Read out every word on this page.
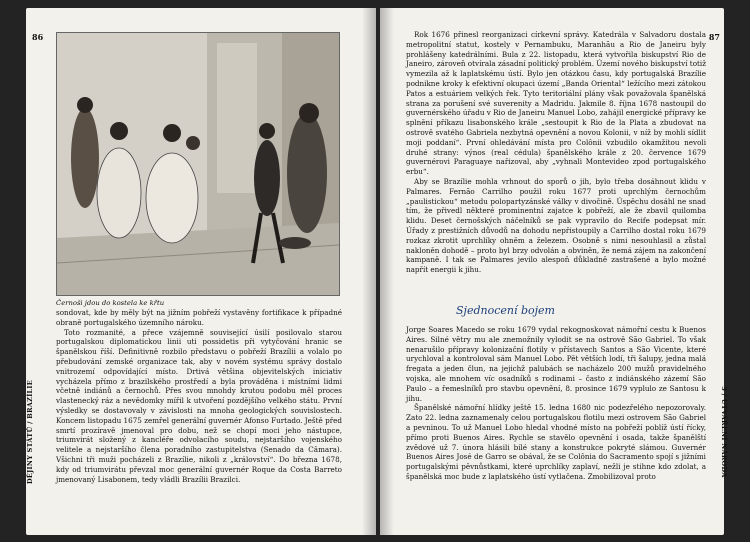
86
Černoši jdou do kostela ke křtu

sondovat, kde by měly být na jižním pobřeží vystavěny fortifikace k případné obraně portugalského územního nároku.

Toto rozmanité, a přece vzájemně související úsilí posilovalo starou portugalskou diplomatickou linii uti possidetis při vytyčování hranic se španělskou říší. Definitivně rozbilo představu o pobřeží Brazílii a volalo po přebudování zemské organizace tak, aby v novém systému správy dostalo vnitrozemí odpovídající místo. Drtivá většina objevitelských iniciativ vycházela přímo z brazilského prostředí a byla prováděna i místními lidmi včetně indiánů a černochů. Přes svou mnohdy krutou podobu měl proces vlastenecký ráz a nevědomky mířil k utvoření pozdějšího velkého státu. První výsledky se dostavovaly v závislosti na mnoha geologických souvislostech. Koncem listopadu 1675 zemřel generální guvernér Afonso Furtado. Ještě před smrtí prozíravě jmenoval pro dobu, než se chopí moci jeho nástupce, triumvirát složený z kancléře odvolacího soudu, nejstaršího vojenského velitele a nejstaršího člena poradního zastupitelstva (Senado da Câmara). Všichni tři muži pocházeli z Brazílie, nikoli z „království“. Do března 1678, kdy od triumvirátu převzal moc generální guvernér Roque da Costa Barreto jmenovaný Lisabonem, tedy vládli Brazílii Brazilci.

DĚJINY STÁTŮ / BRAZÍLIE
87

Rok 1676 přinesl reorganizaci církevní správy. Katedrála v Salvadoru dostala metropolitní statut, kostely v Pernambuku, Maranhãu a Rio de Janeiru byly prohlášeny katedrálními. Bula z 22. listopadu, která vytvořila biskupství Rio de Janeiro, zároveň otvírala zásadní politický problém. Území nového biskupství totiž vymezila až k laplatskému ústí. Bylo jen otázkou času, kdy portugalská Brazílie podnikne kroky k efektivní okupaci území „Banda Oriental“ ležícího mezi zátokou Patos a estuáriem velkých řek. Tyto teritoriální plány však považovala španělská strana za porušení své suverenity a Madridu. Jakmile 8. října 1678 nastoupil do guvernérského úřadu v Rio de Janeiru Manuel Lobo, zahájil energické přípravy ke splnění příkazu lisabonského krále „sestoupit k Rio de la Plata a zbudovat na ostrově svatého Gabriela nezbytná opevnění a novou Kolonii, v níž by mohli sídlit moji poddaní“. První ohledávání místa pro Colônii vzbudilo okamžitou nevoli druhé strany: výnos (real cédula) španělského krále z 20. července 1679 guvernérovi Paraguaye nařizoval, aby „vyhnali Montevideo zpod portugalského erbu“.

Aby se Brazílie mohla vrhnout do sporů o jih, bylo třeba dosáhnout klidu v Palmares. Fernão Carrilho použil roku 1677 proti uprchlým černochům „paulistickou“ metodu polopartyzánské války v divočině. Úspěchu dosáhl ne snad tím, že přivedl některé prominentní zajatce k pobřeží, ale že zbavil quilomba klidu. Deset černošských náčelníků se pak vypravilo do Recife podepsat mír. Úřady z prestižních důvodů na dohodu nepřistoupily a Carrilho dostal roku 1679 rozkaz zkrotit uprchlíky ohněm a železem. Osobně s nimi nesouhlasil a zůstal nakloněn dohodě – proto byl brzy odvolán a obviněn, že nemá zájem na zakončení kampaně. I tak se Palmares jevilo alespoň důkladně zastrašené a bylo možné napřít energii k jihu.

Sjednocení bojem

Jorge Soares Macedo se roku 1679 vydal rekognoskovat námořní cestu k Buenos Aires. Silné větry mu ale znemožnily vylodit se na ostrově São Gabriel. To však nenarušilo přípravy kolonizační flotily v přístavech Santos a São Vicente, které urychloval a kontroloval sám Manuel Lobo. Pět větších lodí, tři šalupy, jedna malá fregata a jeden člun, na jejichž palubách se nacházelo 200 mužů pravidelného vojska, ale mnohem víc osadníků s rodinami – často z indiánského zázemí São Paulo – a řemeslníků pro stavbu opevnění, 8. prosince 1679 vyplulo ze Santosu k jihu.

Španělské námořní hlídky ještě 15. ledna 1680 nic podezřelého nepozorovaly. Zato 22. ledna zaznamenaly celou portugalskou flotilu mezi ostrovem São Gabriel a pevninou. To už Manuel Lobo hledal vhodné místo na pobřeží poblíž ústí řícky, přímo proti Buenos Aires. Rychle se stavělo opevnění i osada, takže španělští zvědové už 7. února hlásili bílé stany a konstrukce pokryté slámou. Guvernér Buenos Aires José de Garro se obával, že se Colônia do Sacramento spojí s jižními portugalskými pěvnůstkami, které uprchlíky zaplaví, nežli je stihne kdo zdolat, a španělská moc bude z laplatského ústí vytlačena. Zmobilizoval proto	3 / UTVÁŘENÍ NÁRODA
